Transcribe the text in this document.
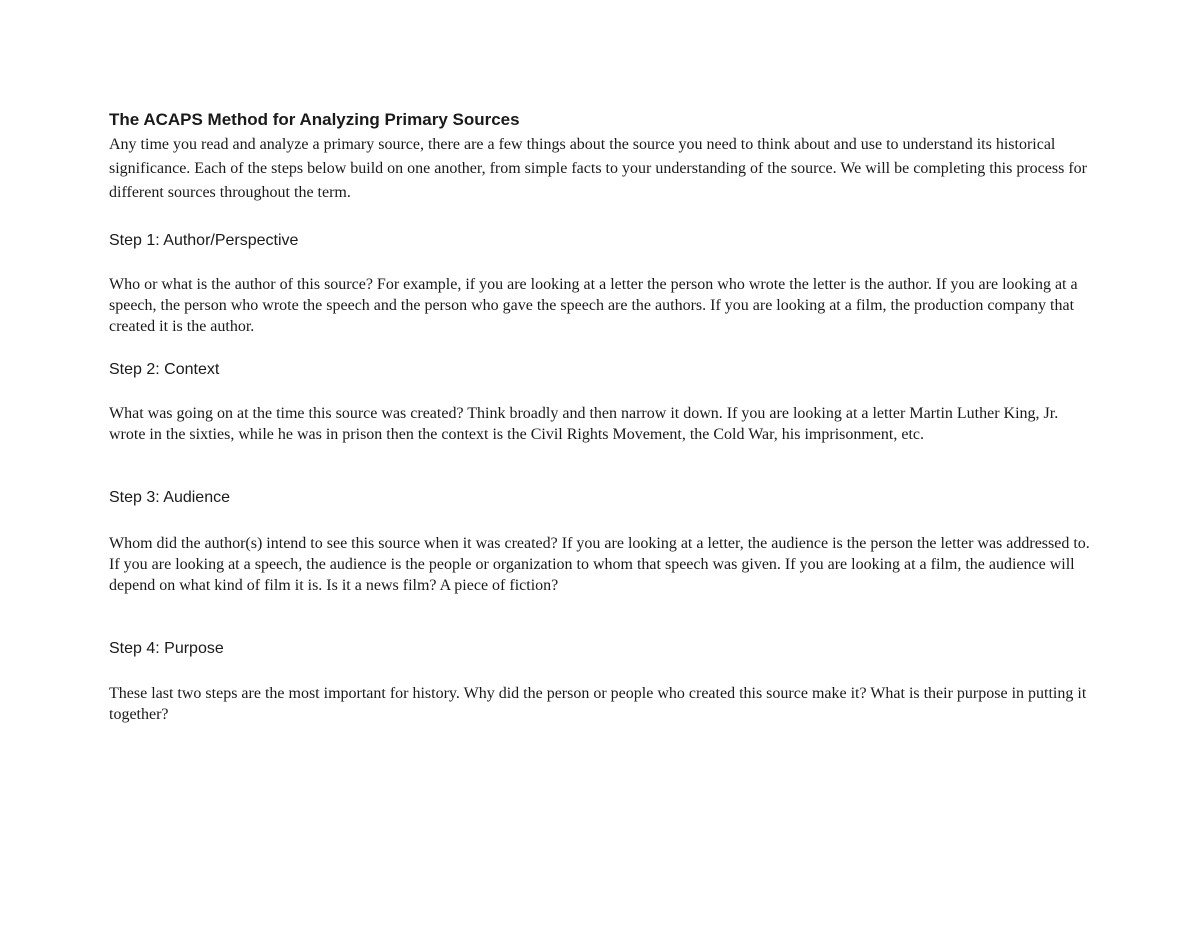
The ACAPS Method for Analyzing Primary Sources

Any time you read and analyze a primary source, there are a few things about the source you need to think about and use to understand its historical significance. Each of the steps below build on one another, from simple facts to your understanding of the source. We will be completing this process for different sources throughout the term.

Step 1: Author/Perspective

Who or what is the author of this source? For example, if you are looking at a letter the person who wrote the letter is the author. If you are looking at a speech, the person who wrote the speech and the person who gave the speech are the authors. If you are looking at a film, the production company that created it is the author.

Step 2: Context

What was going on at the time this source was created? Think broadly and then narrow it down. If you are looking at a letter Martin Luther King, Jr. wrote in the sixties, while he was in prison then the context is the Civil Rights Movement, the Cold War, his imprisonment, etc.

Step 3: Audience

Whom did the author(s) intend to see this source when it was created? If you are looking at a letter, the audience is the person the letter was addressed to. If you are looking at a speech, the audience is the people or organization to whom that speech was given. If you are looking at a film, the audience will depend on what kind of film it is. Is it a news film? A piece of fiction?

Step 4: Purpose

These last two steps are the most important for history. Why did the person or people who created this source make it? What is their purpose in putting it together?
